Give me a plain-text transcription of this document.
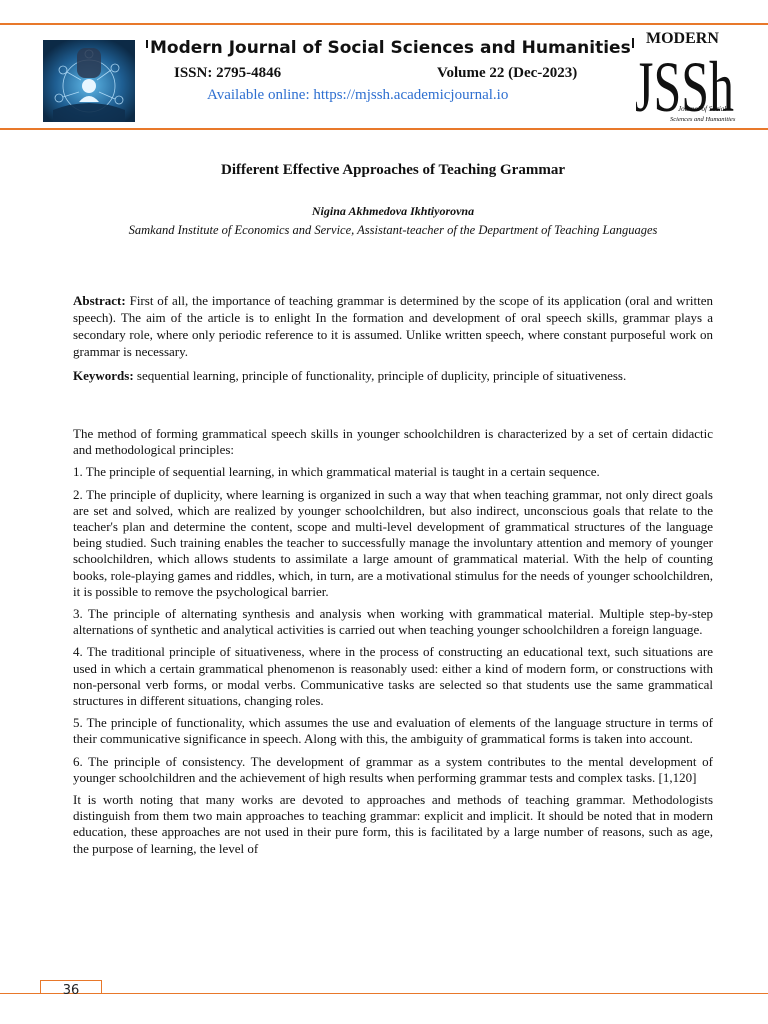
Modern Journal of Social Sciences and Humanities
ISSN: 2795-4846	Volume 22 (Dec-2023)
Available online: https://mjssh.academicjournal.io
MODERN
JSSh
Journal of Social
Sciences and Humanities
Different Effective Approaches of Teaching Grammar
Nigina Akhmedova Ikhtiyorovna
Samkand Institute of Economics and Service, Assistant-teacher of the Department of Teaching Languages
Abstract: First of all, the importance of teaching grammar is determined by the scope of its application (oral and written speech). The aim of the article is to enlight In the formation and development of oral speech skills, grammar plays a secondary role, where only periodic reference to it is assumed. Unlike written speech, where constant purposeful work on grammar is necessary.
Keywords: sequential learning, principle of functionality, principle of duplicity, principle of situativeness.

The method of forming grammatical speech skills in younger schoolchildren is characterized by a set of certain didactic and methodological principles:

1. The principle of sequential learning, in which grammatical material is taught in a certain sequence.

2. The principle of duplicity, where learning is organized in such a way that when teaching grammar, not only direct goals are set and solved, which are realized by younger schoolchildren, but also indirect, unconscious goals that relate to the teacher's plan and determine the content, scope and multi-level development of grammatical structures of the language being studied. Such training enables the teacher to successfully manage the involuntary attention and memory of younger schoolchildren, which allows students to assimilate a large amount of grammatical material. With the help of counting books, role-playing games and riddles, which, in turn, are a motivational stimulus for the needs of younger schoolchildren, it is possible to remove the psychological barrier.

3. The principle of alternating synthesis and analysis when working with grammatical material. Multiple step-by-step alternations of synthetic and analytical activities is carried out when teaching younger schoolchildren a foreign language.

4. The traditional principle of situativeness, where in the process of constructing an educational text, such situations are used in which a certain grammatical phenomenon is reasonably used: either a kind of modern form, or constructions with non-personal verb forms, or modal verbs. Communicative tasks are selected so that students use the same grammatical structures in different situations, changing roles.

5. The principle of functionality, which assumes the use and evaluation of elements of the language structure in terms of their communicative significance in speech. Along with this, the ambiguity of grammatical forms is taken into account.

6. The principle of consistency. The development of grammar as a system contributes to the mental development of younger schoolchildren and the achievement of high results when performing grammar tests and complex tasks. [1,120]

It is worth noting that many works are devoted to approaches and methods of teaching grammar. Methodologists distinguish from them two main approaches to teaching grammar: explicit and implicit. It should be noted that in modern education, these approaches are not used in their pure form, this is facilitated by a large number of reasons, such as age, the purpose of learning, the level of

36
